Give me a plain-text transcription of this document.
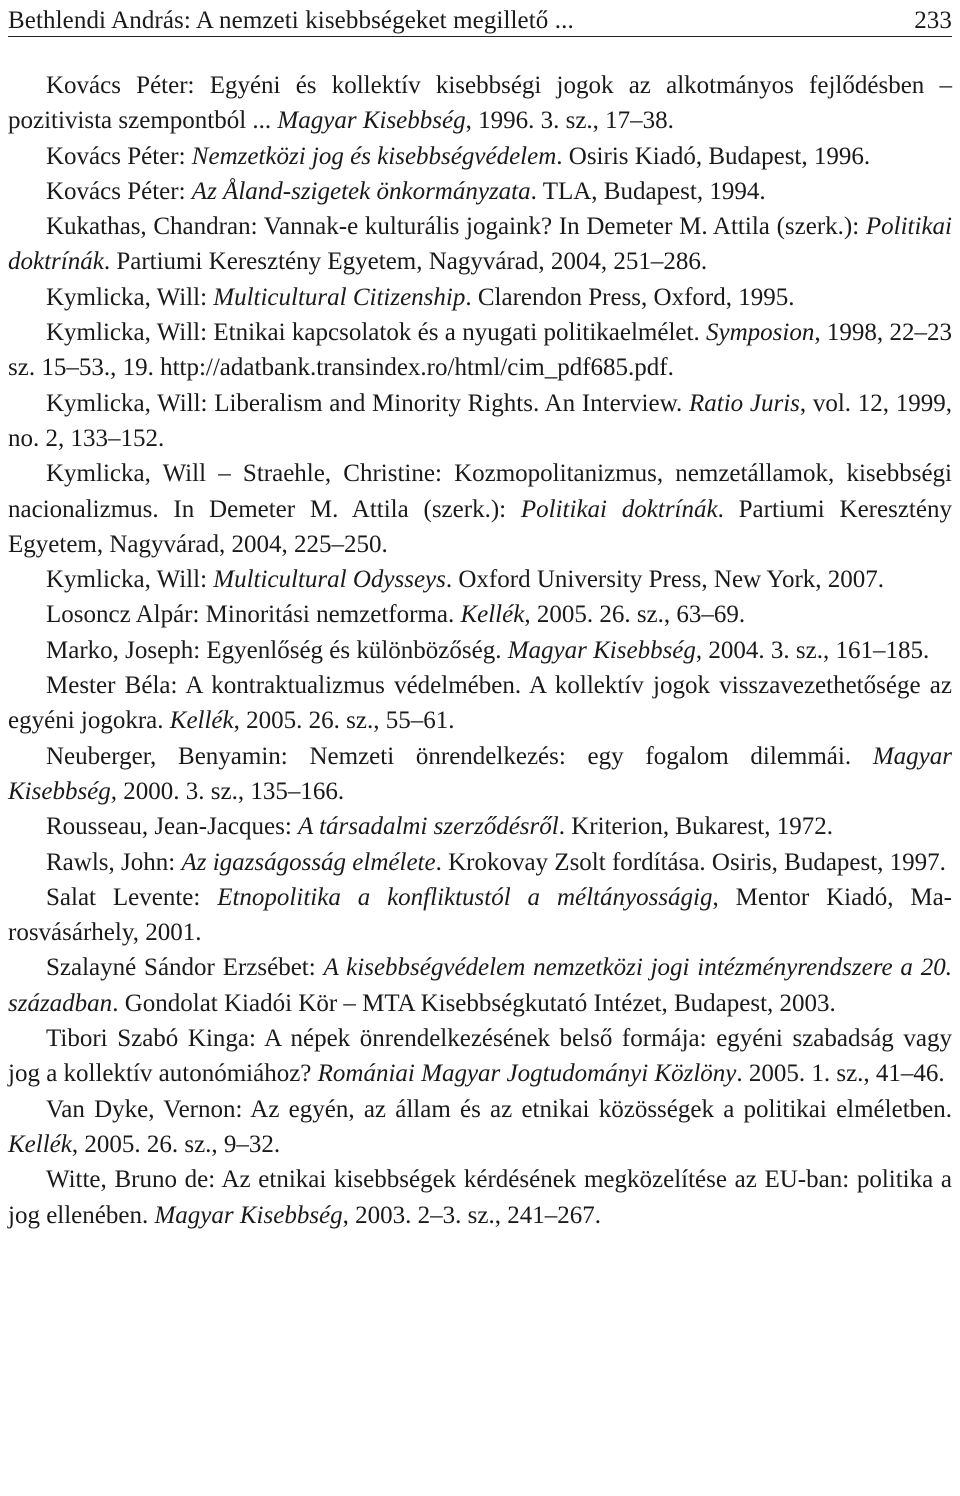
Bethlendi András: A nemzeti kisebbségeket megillető ...	233
Kovács Péter: Egyéni és kollektív kisebbségi jogok az alkotmányos fejlődésben – pozitivista szempontból ... Magyar Kisebbség, 1996. 3. sz., 17–38.
Kovács Péter: Nemzetközi jog és kisebbségvédelem. Osiris Kiadó, Budapest, 1996.
Kovács Péter: Az Åland-szigetek önkormányzata. TLA, Budapest, 1994.
Kukathas, Chandran: Vannak-e kulturális jogaink? In Demeter M. Attila (szerk.): Politikai doktrínák. Partiumi Keresztény Egyetem, Nagyvárad, 2004, 251–286.
Kymlicka, Will: Multicultural Citizenship. Clarendon Press, Oxford, 1995.
Kymlicka, Will: Etnikai kapcsolatok és a nyugati politikaelmélet. Symposion, 1998, 22–23 sz. 15–53., 19. http://adatbank.transindex.ro/html/cim_pdf685.pdf.
Kymlicka, Will: Liberalism and Minority Rights. An Interview. Ratio Juris, vol. 12, 1999, no. 2, 133–152.
Kymlicka, Will – Straehle, Christine: Kozmopolitanizmus, nemzetállamok, kisebbségi nacionalizmus. In Demeter M. Attila (szerk.): Politikai doktrínák. Partiumi Keresztény Egyetem, Nagyvárad, 2004, 225–250.
Kymlicka, Will: Multicultural Odysseys. Oxford University Press, New York, 2007.
Losoncz Alpár: Minoritási nemzetforma. Kellék, 2005. 26. sz., 63–69.
Marko, Joseph: Egyenlőség és különbözőség. Magyar Kisebbség, 2004. 3. sz., 161–185.
Mester Béla: A kontraktualizmus védelmében. A kollektív jogok visszavezethetősége az egyéni jogokra. Kellék, 2005. 26. sz., 55–61.
Neuberger, Benyamin: Nemzeti önrendelkezés: egy fogalom dilemmái. Magyar Kisebbség, 2000. 3. sz., 135–166.
Rousseau, Jean-Jacques: A társadalmi szerződésről. Kriterion, Bukarest, 1972.
Rawls, John: Az igazságosság elmélete. Krokovay Zsolt fordítása. Osiris, Budapest, 1997.
Salat Levente: Etnopolitika a konfliktustól a méltányosságig, Mentor Kiadó, Marosvásárhely, 2001.
Szalayné Sándor Erzsébet: A kisebbségvédelem nemzetközi jogi intézményrendszere a 20. században. Gondolat Kiadói Kör – MTA Kisebbségkutató Intézet, Budapest, 2003.
Tibori Szabó Kinga: A népek önrendelkezésének belső formája: egyéni szabadság vagy jog a kollektív autonómiához? Romániai Magyar Jogtudományi Közlöny. 2005. 1. sz., 41–46.
Van Dyke, Vernon: Az egyén, az állam és az etnikai közösségek a politikai elméletben. Kellék, 2005. 26. sz., 9–32.
Witte, Bruno de: Az etnikai kisebbségek kérdésének megközelítése az EU-ban: politika a jog ellenében. Magyar Kisebbség, 2003. 2–3. sz., 241–267.
